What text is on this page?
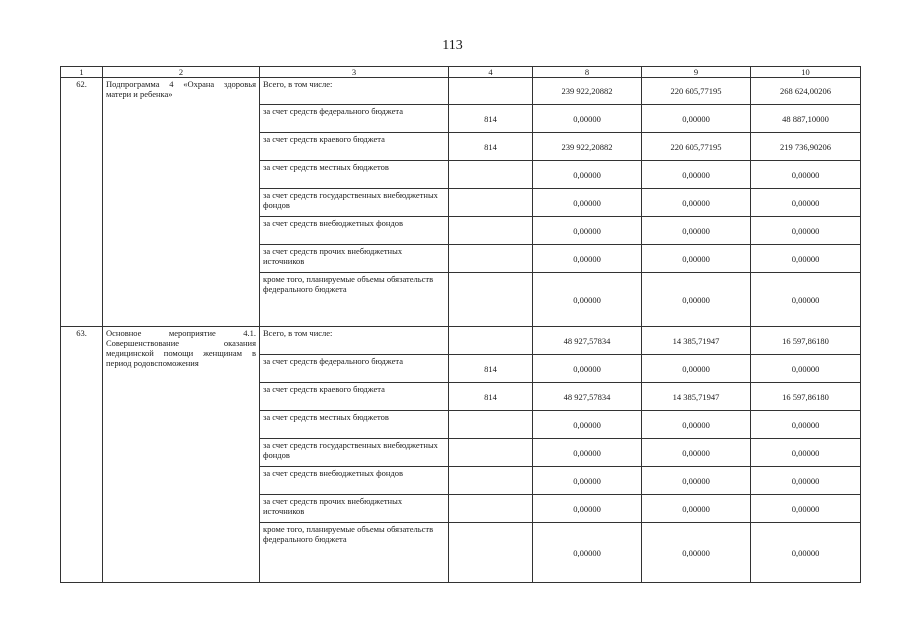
113
1	2	3	4	8	9	10
62.	Подпрограмма 4 «Охрана здоровья матери и ребенка»	Всего, в том числе:		239 922,20882	220 605,77195	268 624,00206
		за счет средств федерального бюджета	814	0,00000	0,00000	48 887,10000
		за счет средств краевого бюджета	814	239 922,20882	220 605,77195	219 736,90206
		за счет средств местных бюджетов		0,00000	0,00000	0,00000
		за счет средств государственных внебюджетных фондов		0,00000	0,00000	0,00000
		за счет средств внебюджетных фондов		0,00000	0,00000	0,00000
		за счет средств прочих внебюджетных источников		0,00000	0,00000	0,00000
		кроме того, планируемые объемы обязательств федерального бюджета		0,00000	0,00000	0,00000
63.	Основное мероприятие 4.1. Совершенствование оказания медицинской помощи женщинам в период родовспоможения	Всего, в том числе:		48 927,57834	14 385,71947	16 597,86180
		за счет средств федерального бюджета	814	0,00000	0,00000	0,00000
		за счет средств краевого бюджета	814	48 927,57834	14 385,71947	16 597,86180
		за счет средств местных бюджетов		0,00000	0,00000	0,00000
		за счет средств государственных внебюджетных фондов		0,00000	0,00000	0,00000
		за счет средств внебюджетных фондов		0,00000	0,00000	0,00000
		за счет средств прочих внебюджетных источников		0,00000	0,00000	0,00000
		кроме того, планируемые объемы обязательств федерального бюджета		0,00000	0,00000	0,00000
